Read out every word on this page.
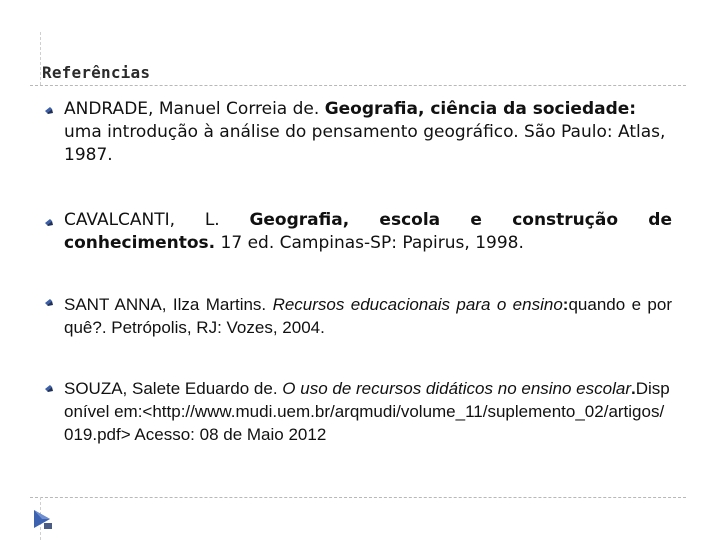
Referências
ANDRADE, Manuel Correia de. Geografia, ciência da sociedade: uma introdução à análise do pensamento geográfico. São Paulo: Atlas, 1987.
CAVALCANTI, L. Geografia, escola e construção de conhecimentos. 17 ed. Campinas-SP: Papirus, 1998.
SANT ANNA, Ilza Martins. Recursos educacionais para o ensino:quando e por quê?. Petrópolis, RJ: Vozes, 2004.
SOUZA, Salete Eduardo de. O uso de recursos didáticos no ensino escolar.Disponível em:<http://www.mudi.uem.br/arqmudi/volume_11/suplemento_02/artigos/019.pdf> Acesso: 08 de Maio 2012
